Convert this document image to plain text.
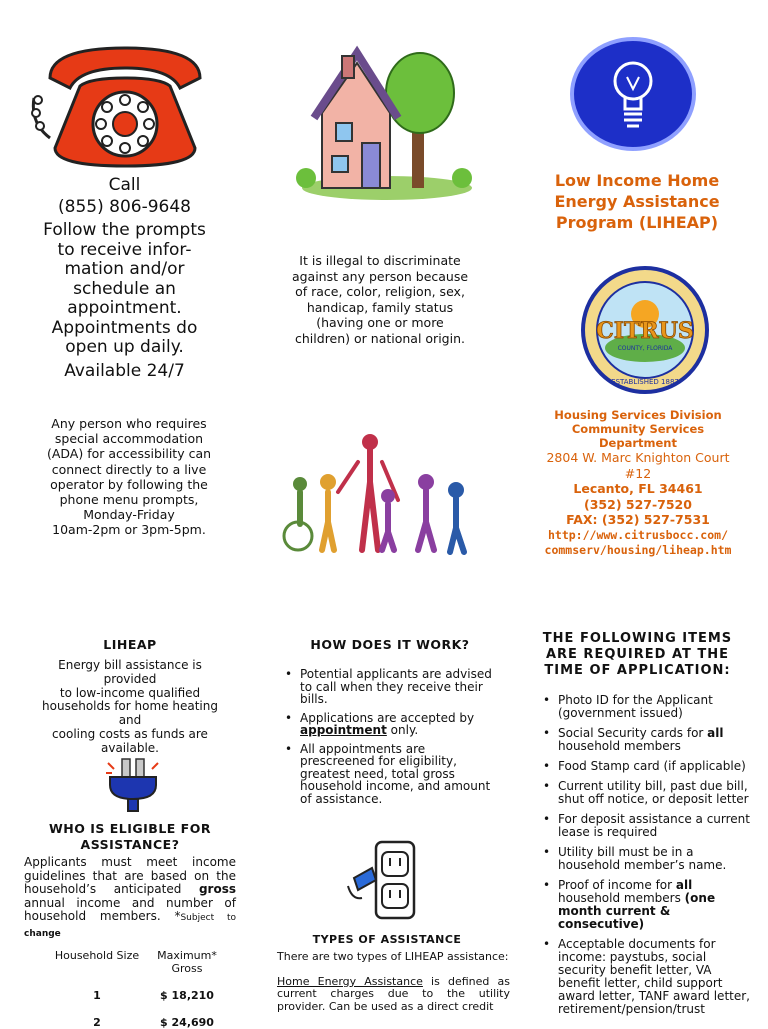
Call
(855) 806-9648
Follow the prompts
to receive infor-
mation and/or
schedule an
appointment.
Appointments do
open up daily.
Available 24/7
Any person who requires
special accommodation
(ADA) for accessibility can
connect directly to a live
operator by following the
phone menu prompts,
Monday-Friday
10am-2pm or 3pm-5pm.
It is illegal to discriminate
against any person because
of race, color, religion, sex,
handicap, family status
(having one or more
children) or national origin.
Low Income Home
Energy Assistance
Program (LIHEAP)
CITRUS
COUNTY, FLORIDA
ESTABLISHED 1887
Housing Services Division
Community Services
Department
2804 W. Marc Knighton Court
#12
Lecanto, FL 34461
(352) 527-7520
FAX: (352) 527-7531
http://www.citrusbocc.com/
commserv/housing/liheap.htm
LIHEAP
Energy bill assistance is provided
to low-income qualified
households for home heating and
cooling costs as funds are
available.
WHO IS ELIGIBLE FOR
ASSISTANCE?
Applicants must meet income guidelines that are based on the household’s anticipated gross annual income and number of household members. *Subject to change
Household Size	Maximum* Gross
1	$ 18,210
2	$ 24,690
HOW DOES IT WORK?
• Potential applicants are advised to call when they receive their bills.
• Applications are accepted by appointment only.
• All appointments are prescreened for eligibility, greatest need, total gross household income, and amount of assistance.
TYPES OF ASSISTANCE
There are two types of LIHEAP assistance:
Home Energy Assistance is defined as current charges due to the utility provider. Can be used as a direct credit
THE FOLLOWING ITEMS
ARE REQUIRED AT THE
TIME OF APPLICATION:
• Photo ID for the Applicant (government issued)
• Social Security cards for all household members
• Food Stamp card (if applicable)
• Current utility bill, past due bill, shut off notice, or deposit letter
• For deposit assistance a current lease is required
• Utility bill must be in a household member’s name.
• Proof of income for all household members (one month current & consecutive)
• Acceptable documents for income: paystubs, social security benefit letter, VA benefit letter, child support award letter, TANF award letter, retirement/pension/trust
